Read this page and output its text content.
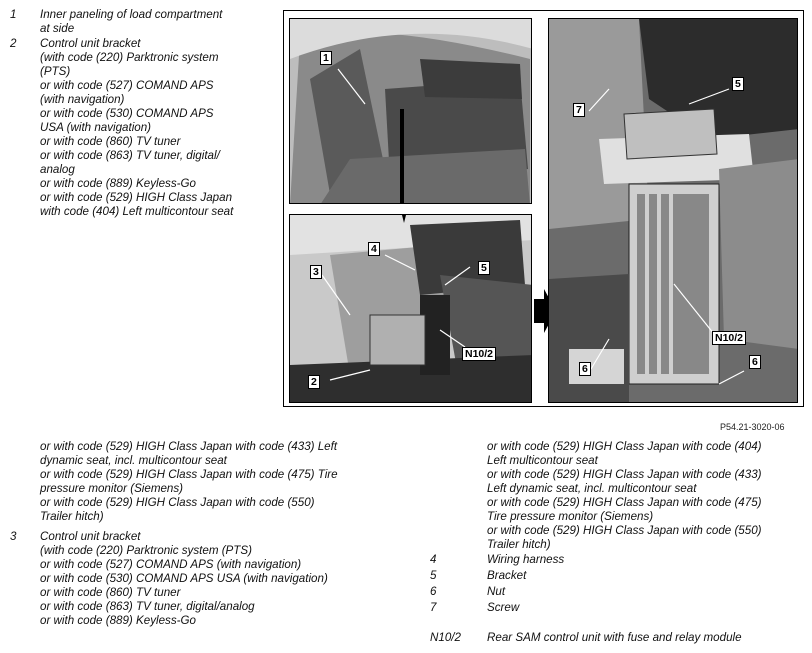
1 Inner paneling of load compartment
at side
2 Control unit bracket
(with code (220) Parktronic system
(PTS)
or with code (527) COMAND APS
(with navigation)
or with code (530) COMAND APS
USA (with navigation)
or with code (860) TV tuner
or with code (863) TV tuner, digital/
analog
or with code (889) Keyless-Go
or with code (529) HIGH Class Japan
with code (404) Left multicontour seat
1
3
4
5
N10/2
2
7
5
N10/2
6
6
P54.21-3020-06
or with code (529) HIGH Class Japan with code (433) Left
dynamic seat, incl. multicontour seat
or with code (529) HIGH Class Japan with code (475) Tire
pressure monitor (Siemens)
or with code (529) HIGH Class Japan with code (550)
Trailer hitch)
3 Control unit bracket
(with code (220) Parktronic system (PTS)
or with code (527) COMAND APS (with navigation)
or with code (530) COMAND APS USA (with navigation)
or with code (860) TV tuner
or with code (863) TV tuner, digital/analog
or with code (889) Keyless-Go
or with code (529) HIGH Class Japan with code (404)
Left multicontour seat
or with code (529) HIGH Class Japan with code (433)
Left dynamic seat, incl. multicontour seat
or with code (529) HIGH Class Japan with code (475)
Tire pressure monitor (Siemens)
or with code (529) HIGH Class Japan with code (550)
Trailer hitch)
4	Wiring harness
5	Bracket
6	Nut
7	Screw
N10/2 Rear SAM control unit with fuse and relay module
